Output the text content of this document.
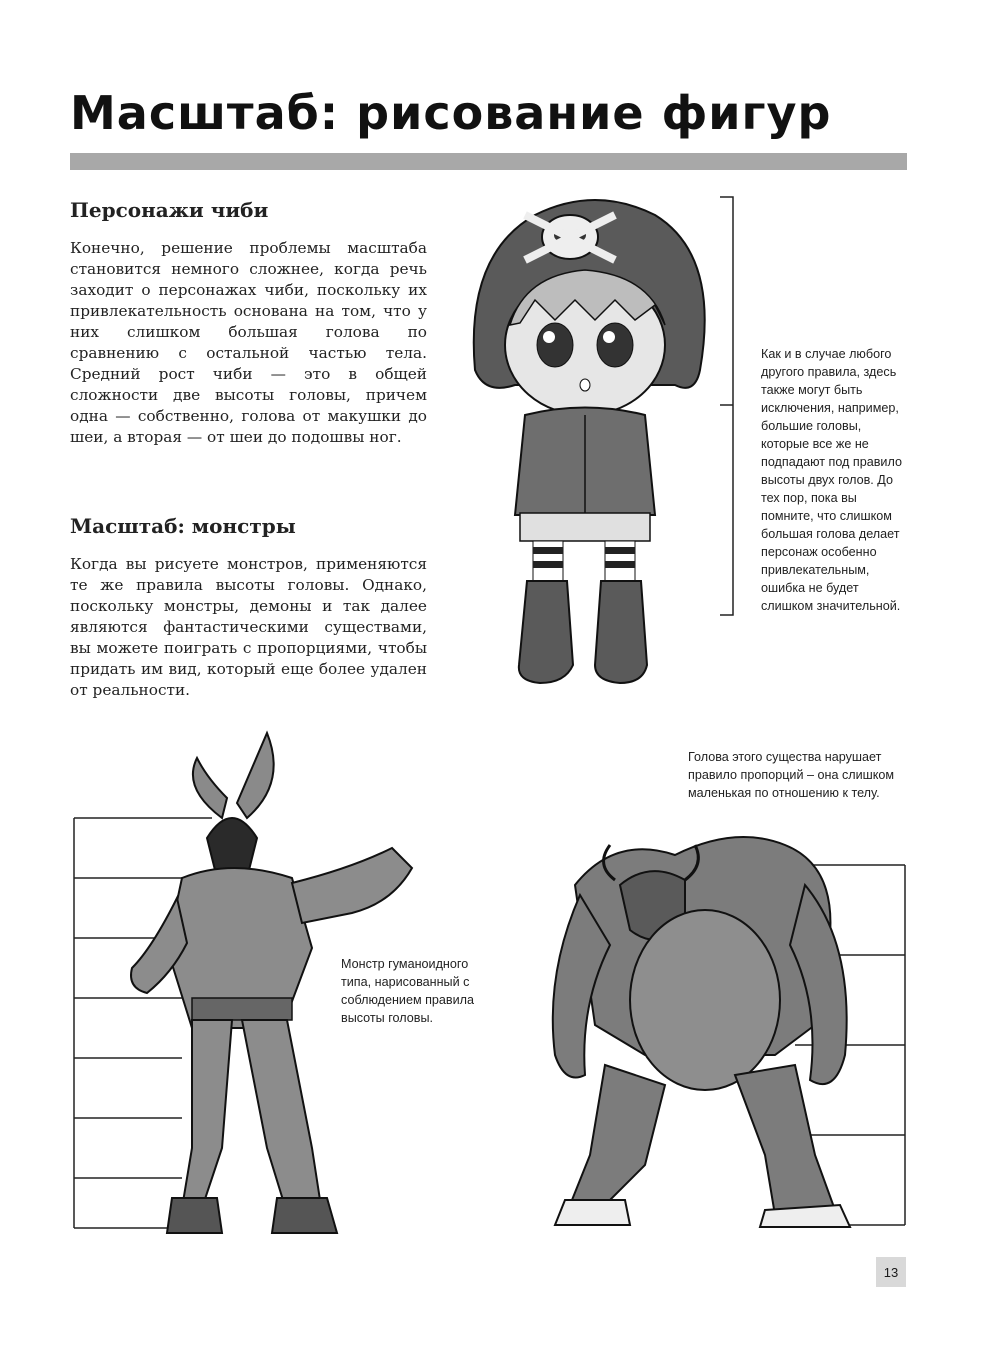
Масштаб: рисование фигур
Персонажи чиби

Конечно, решение проблемы масштаба становится немного сложнее, когда речь заходит о персонажах чиби, поскольку их привлекательность основана на том, что у них слишком большая голова по сравнению с остальной частью тела. Средний рост чиби — это в общей сложности две высоты головы, причем одна — собственно, голова от макушки до шеи, а вторая — от шеи до подошвы ног.

Масштаб: монстры

Когда вы рисуете монстров, применяются те же правила высоты головы. Однако, поскольку монстры, демоны и так далее являются фантастическими существами, вы можете поиграть с пропорциями, чтобы придать им вид, который еще более удален от реальности.

Как и в случае любого другого правила, здесь также могут быть исключения, например, большие головы, которые все же не подпадают под правило высоты двух голов. До тех пор, пока вы помните, что слишком большая голова делает персонаж особенно привлекательным, ошибка не будет слишком значительной.

Монстр гуманоидного типа, нарисованный с соблюдением правила высоты головы.

Голова этого существа нарушает правило пропорций – она слишком маленькая по отношению к телу.

13
